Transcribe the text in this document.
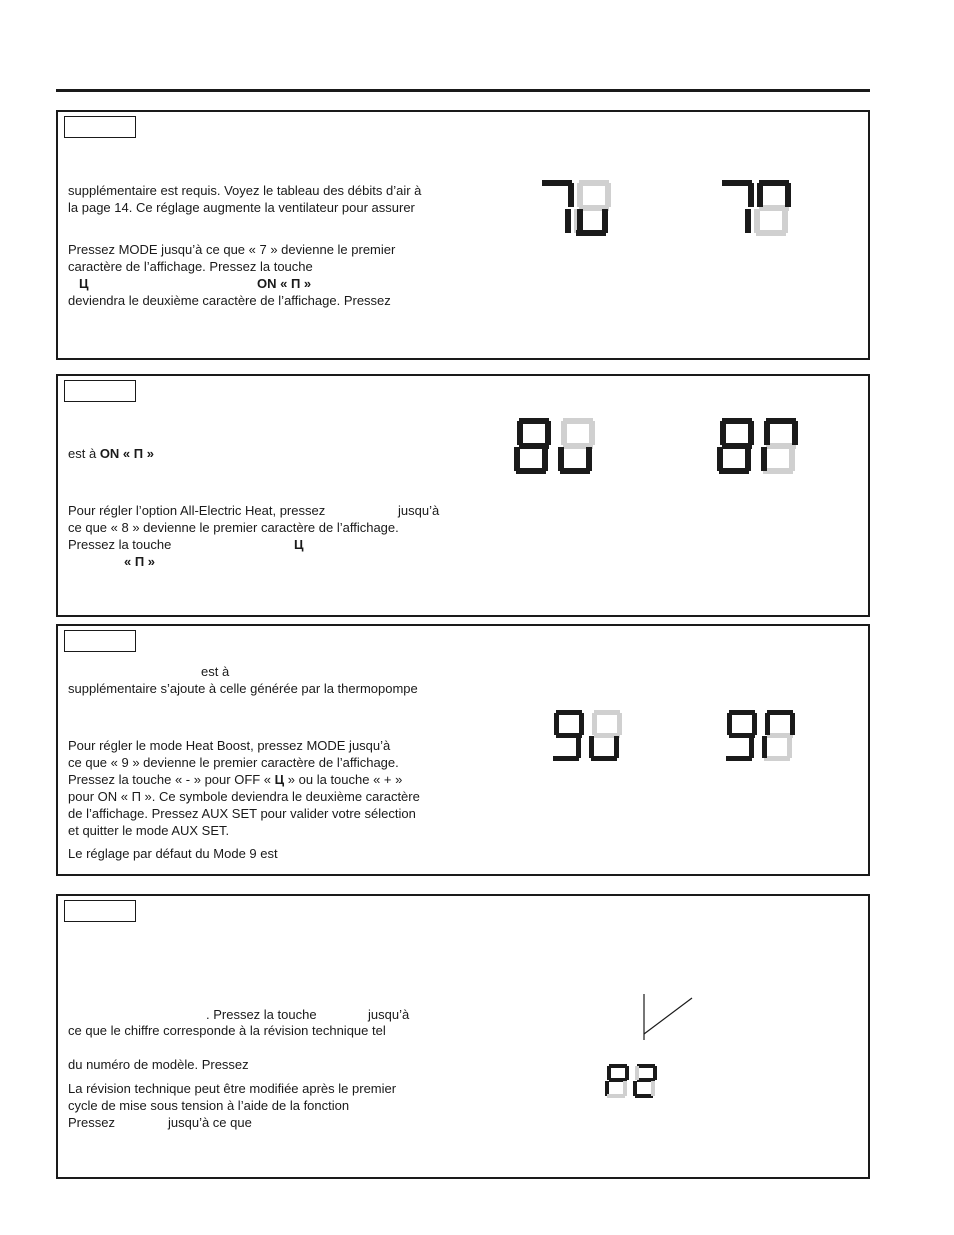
supplémentaire est requis. Voyez le tableau des débits d’air à
la page 14. Ce réglage augmente la ventilateur pour assurer
Pressez MODE jusqu’à ce que « 7 » devienne le premier
caractère de l’affichage. Pressez la touche
Ц	ON « П »
deviendra le deuxième caractère de l’affichage. Pressez
est à ON « П »
Pour régler l’option All-Electric Heat, pressez	jusqu’à
ce que « 8 » devienne le premier caractère de l’affichage.
Pressez la touche	Ц
« П »
est à
supplémentaire s’ajoute à celle générée par la thermopompe
Pour régler le mode Heat Boost, pressez MODE jusqu’à
ce que « 9 » devienne le premier caractère de l’affichage.
Pressez la touche « - » pour OFF « Ц » ou la touche « + »
pour ON « П ». Ce symbole deviendra le deuxième caractère
de l’affichage. Pressez AUX SET pour valider votre sélection
et quitter le mode AUX SET.
Le réglage par défaut du Mode 9 est
. Pressez la touche	jusqu’à
ce que le chiffre corresponde à la révision technique tel
du numéro de modèle. Pressez
La révision technique peut être modifiée après le premier
cycle de mise sous tension à l’aide de la fonction
Pressez	jusqu’à ce que
